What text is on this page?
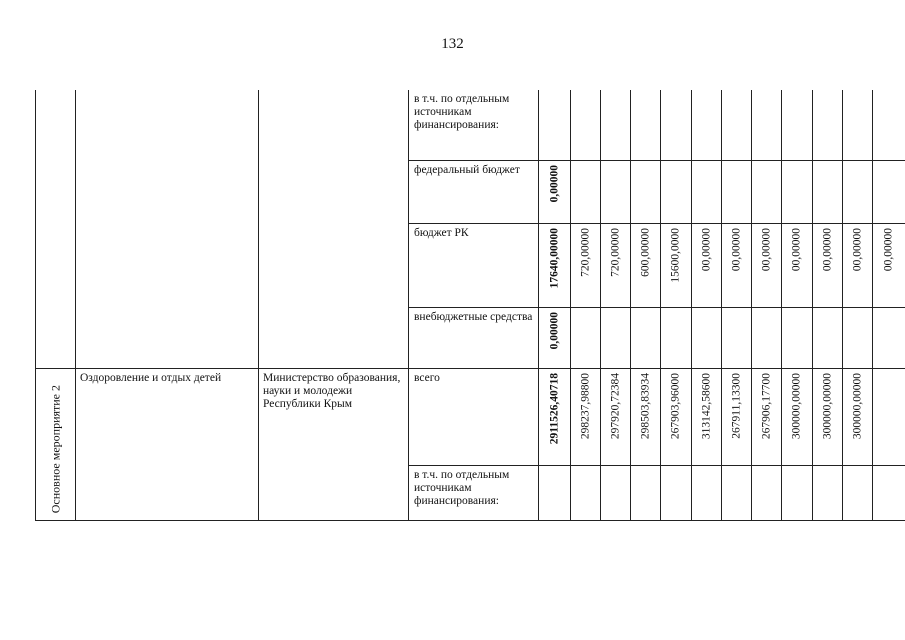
132
			в т.ч. по отдельным источникам финансирования:	

			федеральный бюджет	0,00000											

			бюджет РК	17640,00000	720,00000	720,00000	600,00000	15600,0000	00,00000	00,00000	00,00000	00,00000	00,00000	00,00000	00,00000

			внебюджетные средства	0,00000											

Основное мероприятие 2	Оздоровление и отдых детей	Министерство образования, науки и молодежи Республики Крым	всего	2911526,40718	298237,98800	297920,72384	298503,83934	267903,96000	313142,58600	267911,13300	267906,17700	300000,00000	300000,00000	300000,00000	

			в т.ч. по отдельным источникам финансирования:	
